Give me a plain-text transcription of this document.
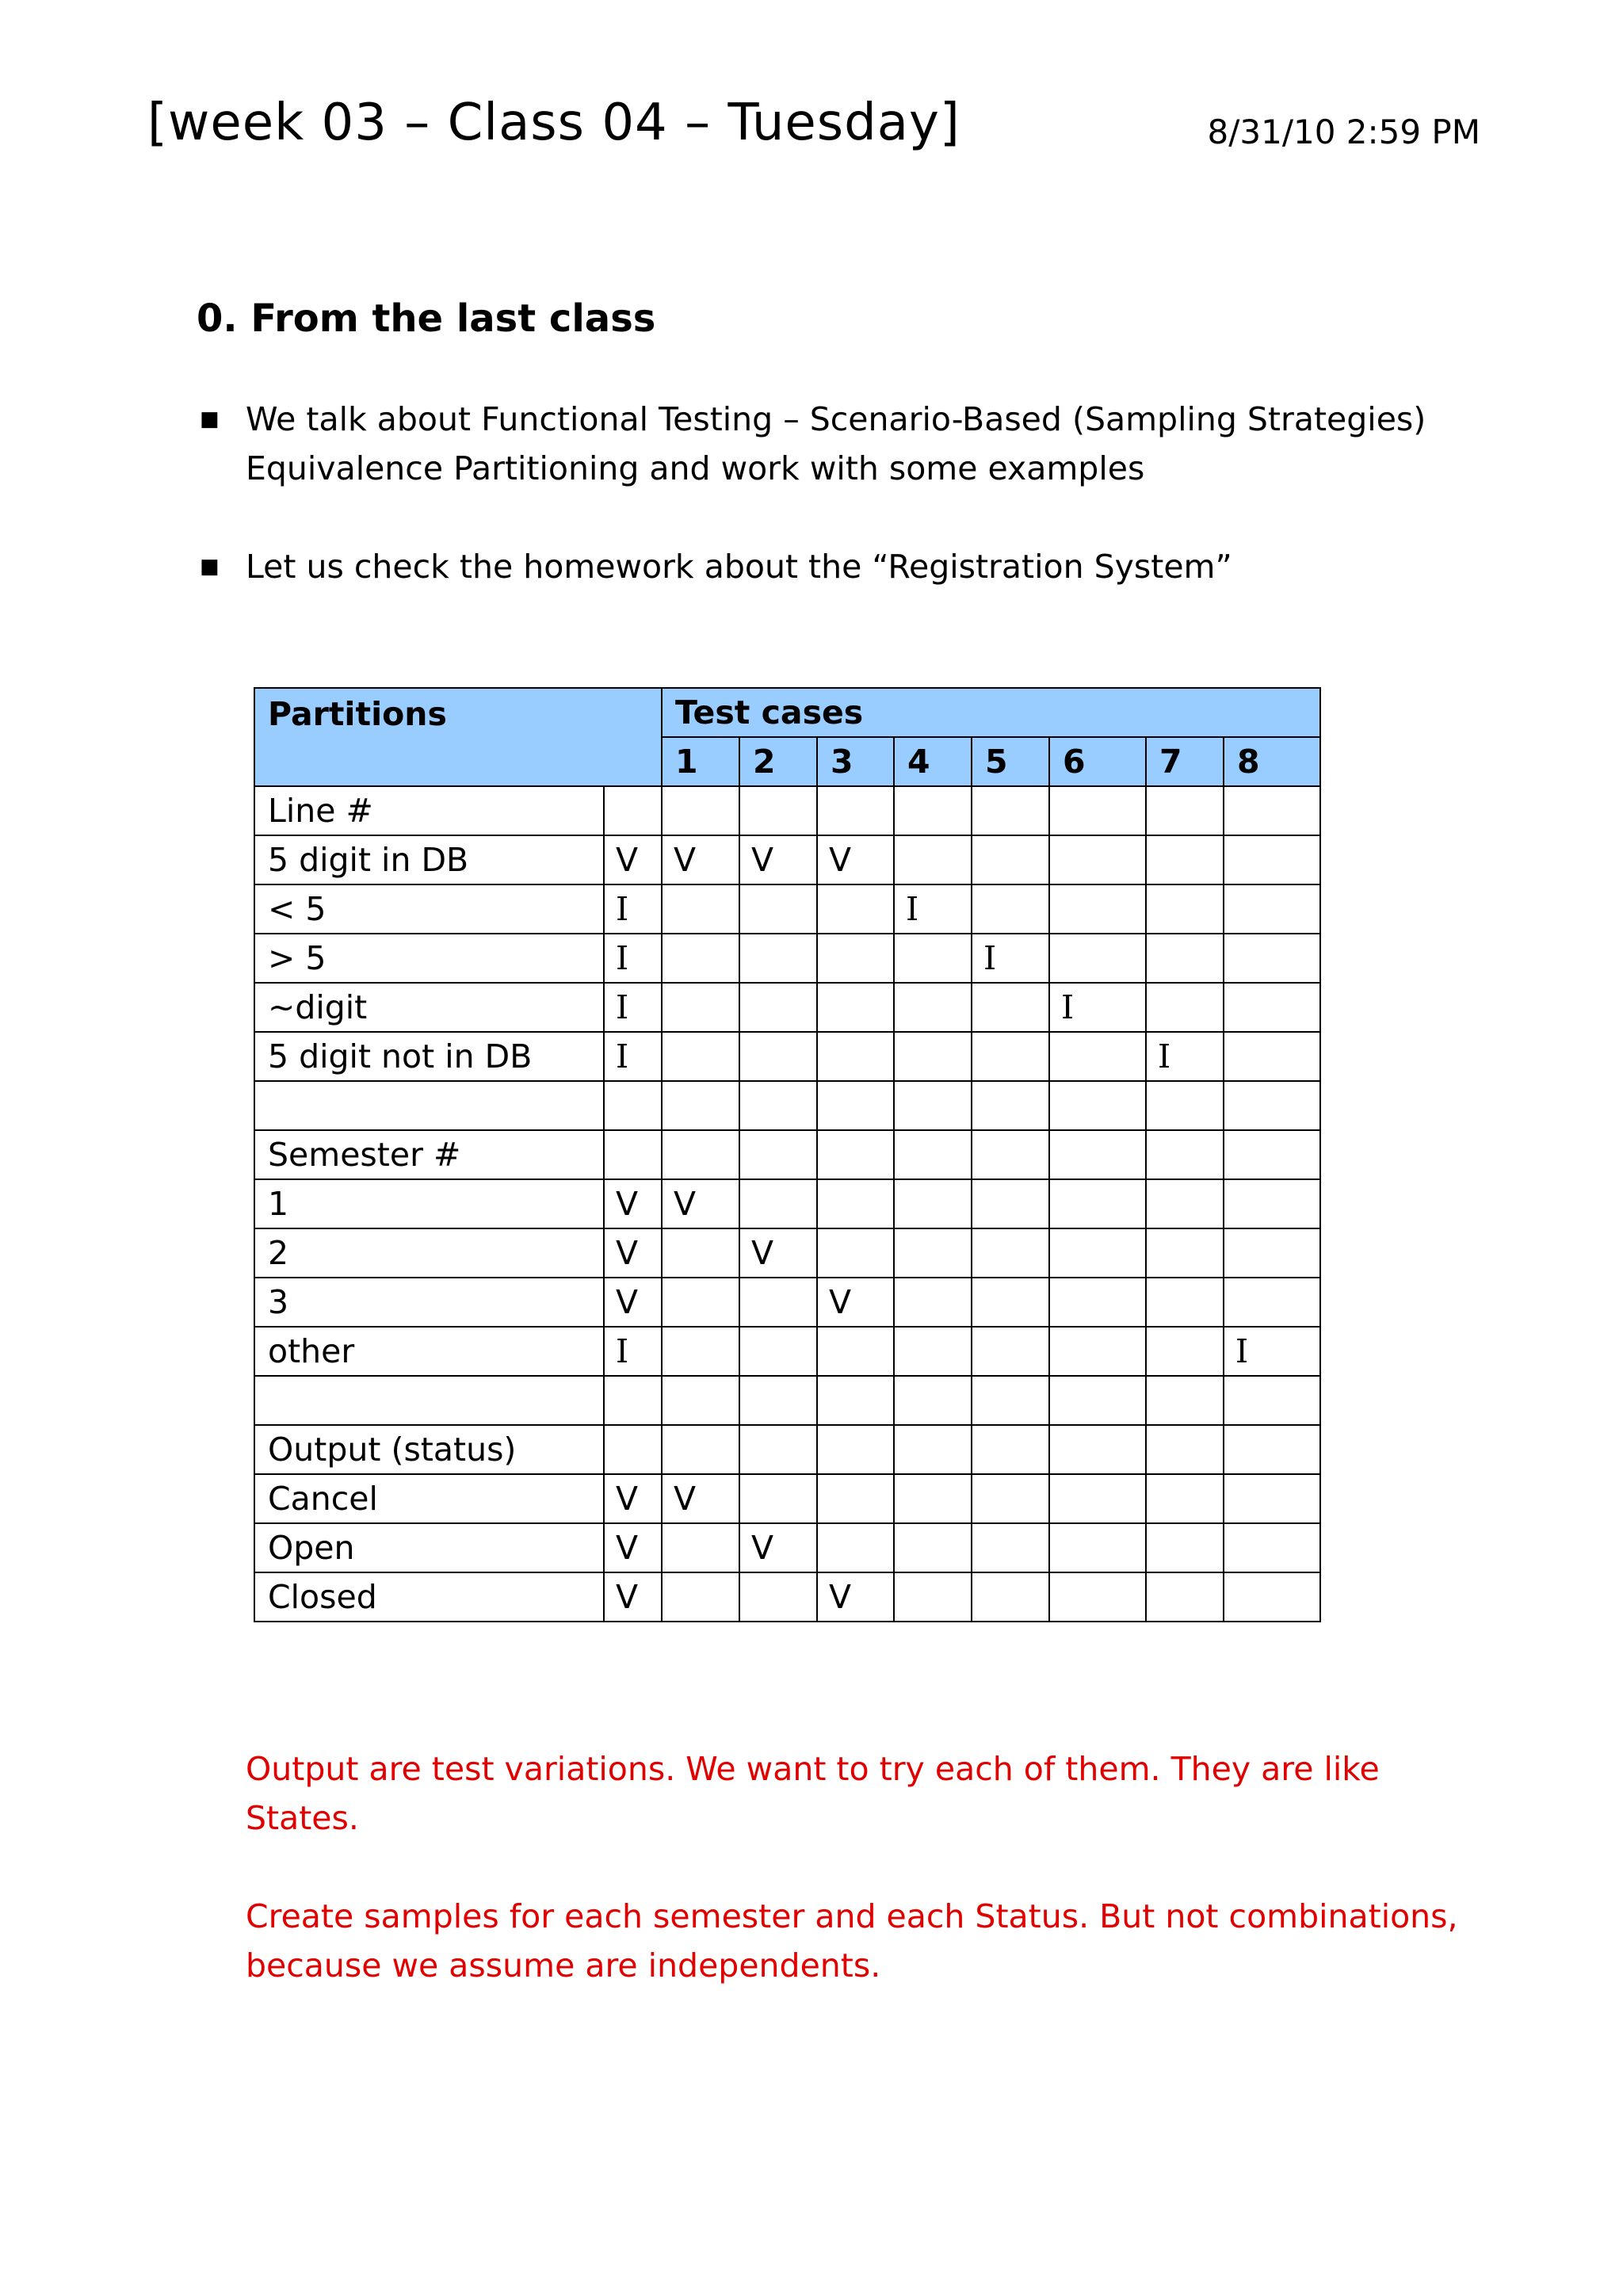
[week 03 – Class 04 – Tuesday]	8/31/10 2:59 PM
0. From the last class
■ We talk about Functional Testing – Scenario-Based (Sampling Strategies) Equivalence Partitioning and work with some examples
■ Let us check the homework about the “Registration System”
Partitions		Test cases							
		1	2	3	4	5	6	7	8
Line #									
5 digit in DB	V	V	V	V					
< 5	I				I				
> 5	I					I			
~digit	I						I		
5 digit not in DB	I							I	

Semester #									
1	V	V							
2	V		V						
3	V			V					
other	I								I

Output (status)									
Cancel	V	V							
Open	V		V						
Closed	V			V					

Output are test variations. We want to try each of them. They are like States.

Create samples for each semester and each Status. But not combinations, because we assume are independents.
